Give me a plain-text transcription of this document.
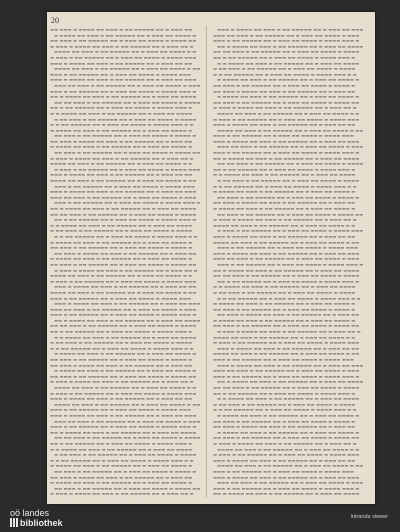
20
▬▬ ▬▬▬ ▬ ▬▬▬▬ ▬▬ ▬▬▬ ▬ ▬▬ ▬▬▬▬▬ ▬▬ ▬ ▬▬▬ ▬▬
▬ ▬▬▬▬ ▬▬ ▬▬▬ ▬ ▬▬ ▬▬▬▬▬ ▬▬ ▬ ▬▬▬ ▬▬ ▬▬▬▬ ▬
▬▬ ▬▬▬ ▬ ▬▬ ▬▬▬▬▬ ▬▬ ▬ ▬▬▬ ▬▬ ▬▬▬▬ ▬ ▬▬▬▬ ▬▬
▬ ▬▬▬ ▬ ▬▬▬▬ ▬▬ ▬▬▬ ▬ ▬▬ ▬▬▬▬▬ ▬▬ ▬ ▬▬▬ ▬▬ ▬
▬▬▬▬ ▬▬ ▬▬▬ ▬ ▬▬ ▬▬▬▬▬ ▬▬ ▬ ▬▬▬ ▬▬ ▬▬▬▬ ▬ ▬
▬ ▬▬▬ ▬ ▬▬ ▬▬▬▬▬ ▬▬ ▬ ▬▬▬ ▬▬ ▬▬▬▬ ▬ ▬▬▬▬ ▬▬▬
▬▬▬ ▬ ▬▬▬▬ ▬▬ ▬▬▬ ▬ ▬▬ ▬▬▬▬▬ ▬▬ ▬ ▬▬▬ ▬▬ ▬▬
▬▬▬▬ ▬▬ ▬▬▬ ▬ ▬▬ ▬▬▬▬▬ ▬▬ ▬ ▬▬▬ ▬▬ ▬▬▬▬ ▬ ▬▬
▬▬▬ ▬ ▬▬ ▬▬▬▬▬ ▬▬ ▬ ▬▬▬ ▬▬ ▬▬▬▬ ▬ ▬▬▬▬ ▬▬▬
▬▬▬ ▬ ▬▬▬▬ ▬▬ ▬▬▬ ▬ ▬▬ ▬▬▬▬▬ ▬▬ ▬ ▬▬▬ ▬▬ ▬▬▬
▬▬▬ ▬▬ ▬▬▬ ▬ ▬▬ ▬▬▬▬▬ ▬▬ ▬ ▬▬▬ ▬▬ ▬▬▬▬ ▬ ▬▬▬
▬▬▬ ▬ ▬▬ ▬▬▬▬▬ ▬▬ ▬ ▬▬▬ ▬▬ ▬▬▬▬ ▬ ▬▬▬▬ ▬▬▬ ▬
▬▬ ▬ ▬▬▬▬ ▬▬ ▬▬▬ ▬ ▬▬ ▬▬▬▬▬ ▬▬ ▬ ▬▬▬ ▬▬ ▬▬▬▬
▬▬ ▬▬ ▬▬▬ ▬ ▬▬ ▬▬▬▬▬ ▬▬ ▬ ▬▬▬ ▬▬ ▬▬▬▬ ▬ ▬▬▬▬
▬▬ ▬ ▬▬ ▬▬▬▬▬ ▬▬ ▬ ▬▬▬ ▬▬ ▬▬▬▬ ▬ ▬▬▬▬ ▬▬▬ ▬
▬ ▬ ▬▬▬▬ ▬▬ ▬▬▬ ▬ ▬▬ ▬▬▬▬▬ ▬▬ ▬ ▬▬▬ ▬▬ ▬▬▬▬
▬ ▬▬ ▬▬▬ ▬ ▬▬ ▬▬▬▬▬ ▬▬ ▬ ▬▬▬ ▬▬ ▬▬▬▬ ▬ ▬▬▬▬
▬ ▬ ▬▬ ▬▬▬▬▬ ▬▬ ▬ ▬▬▬ ▬▬ ▬▬▬▬ ▬ ▬▬▬▬ ▬▬▬ ▬ ▬
▬ ▬▬▬▬ ▬▬ ▬▬▬ ▬ ▬▬ ▬▬▬▬▬ ▬▬ ▬ ▬▬▬ ▬▬ ▬▬▬▬ ▬
▬▬ ▬▬▬ ▬ ▬▬ ▬▬▬▬▬ ▬▬ ▬ ▬▬▬ ▬▬ ▬▬▬▬ ▬ ▬▬▬▬ ▬
▬▬ ▬▬▬ ▬ ▬▬▬▬ ▬▬ ▬▬▬ ▬ ▬▬ ▬▬▬▬▬ ▬▬ ▬ ▬▬▬ ▬▬
▬ ▬▬▬▬ ▬▬ ▬▬▬ ▬ ▬▬ ▬▬▬▬▬ ▬▬ ▬ ▬▬▬ ▬▬ ▬▬▬▬ ▬
▬▬ ▬▬▬ ▬ ▬▬ ▬▬▬▬▬ ▬▬ ▬ ▬▬▬ ▬▬ ▬▬▬▬ ▬ ▬▬▬▬ ▬▬
▬ ▬▬▬ ▬ ▬▬▬▬ ▬▬ ▬▬▬ ▬ ▬▬ ▬▬▬▬▬ ▬▬ ▬ ▬▬▬ ▬▬ ▬
▬▬▬▬ ▬▬ ▬▬▬ ▬ ▬▬ ▬▬▬▬▬ ▬▬ ▬ ▬▬▬ ▬▬ ▬▬▬▬ ▬ ▬
▬ ▬▬▬ ▬ ▬▬ ▬▬▬▬▬ ▬▬ ▬ ▬▬▬ ▬▬ ▬▬▬▬ ▬ ▬▬▬▬ ▬▬▬
▬▬▬ ▬ ▬▬▬▬ ▬▬ ▬▬▬ ▬ ▬▬ ▬▬▬▬▬ ▬▬ ▬ ▬▬▬ ▬▬ ▬▬
▬▬▬▬ ▬▬ ▬▬▬ ▬ ▬▬ ▬▬▬▬▬ ▬▬ ▬ ▬▬▬ ▬▬ ▬▬▬▬ ▬ ▬▬
▬▬▬ ▬ ▬▬ ▬▬▬▬▬ ▬▬ ▬ ▬▬▬ ▬▬ ▬▬▬▬ ▬ ▬▬▬▬ ▬▬▬
▬▬▬ ▬ ▬▬▬▬ ▬▬ ▬▬▬ ▬ ▬▬ ▬▬▬▬▬ ▬▬ ▬ ▬▬▬ ▬▬ ▬▬▬
▬▬▬ ▬▬ ▬▬▬ ▬ ▬▬ ▬▬▬▬▬ ▬▬ ▬ ▬▬▬ ▬▬ ▬▬▬▬ ▬ ▬▬▬
▬▬▬ ▬ ▬▬ ▬▬▬▬▬ ▬▬ ▬ ▬▬▬ ▬▬ ▬▬▬▬ ▬ ▬▬▬▬ ▬▬▬ ▬
▬▬ ▬ ▬▬▬▬ ▬▬ ▬▬▬ ▬ ▬▬ ▬▬▬▬▬ ▬▬ ▬ ▬▬▬ ▬▬ ▬▬▬▬
▬▬ ▬▬ ▬▬▬ ▬ ▬▬ ▬▬▬▬▬ ▬▬ ▬ ▬▬▬ ▬▬ ▬▬▬▬ ▬ ▬▬▬▬
▬▬ ▬ ▬▬ ▬▬▬▬▬ ▬▬ ▬ ▬▬▬ ▬▬ ▬▬▬▬ ▬ ▬▬▬▬ ▬▬▬ ▬
▬ ▬ ▬▬▬▬ ▬▬ ▬▬▬ ▬ ▬▬ ▬▬▬▬▬ ▬▬ ▬ ▬▬▬ ▬▬ ▬▬▬▬
▬ ▬▬ ▬▬▬ ▬ ▬▬ ▬▬▬▬▬ ▬▬ ▬ ▬▬▬ ▬▬ ▬▬▬▬ ▬ ▬▬▬▬
▬ ▬ ▬▬ ▬▬▬▬▬ ▬▬ ▬ ▬▬▬ ▬▬ ▬▬▬▬ ▬ ▬▬▬▬ ▬▬▬ ▬ ▬
▬ ▬▬▬▬ ▬▬ ▬▬▬ ▬ ▬▬ ▬▬▬▬▬ ▬▬ ▬ ▬▬▬ ▬▬ ▬▬▬▬ ▬
▬▬ ▬▬▬ ▬ ▬▬ ▬▬▬▬▬ ▬▬ ▬ ▬▬▬ ▬▬ ▬▬▬▬ ▬ ▬▬▬▬ ▬
▬▬ ▬▬▬ ▬ ▬▬▬▬ ▬▬ ▬▬▬ ▬ ▬▬ ▬▬▬▬▬ ▬▬ ▬ ▬▬▬ ▬▬
▬ ▬▬▬▬ ▬▬ ▬▬▬ ▬ ▬▬ ▬▬▬▬▬ ▬▬ ▬ ▬▬▬ ▬▬ ▬▬▬▬ ▬
▬▬ ▬▬▬ ▬ ▬▬ ▬▬▬▬▬ ▬▬ ▬ ▬▬▬ ▬▬ ▬▬▬▬ ▬ ▬▬▬▬ ▬▬
▬ ▬▬▬ ▬ ▬▬▬▬ ▬▬ ▬▬▬ ▬ ▬▬ ▬▬▬▬▬ ▬▬ ▬ ▬▬▬ ▬▬ ▬
▬▬▬▬ ▬▬ ▬▬▬ ▬ ▬▬ ▬▬▬▬▬ ▬▬ ▬ ▬▬▬ ▬▬ ▬▬▬▬ ▬ ▬
▬ ▬▬▬ ▬ ▬▬ ▬▬▬▬▬ ▬▬ ▬ ▬▬▬ ▬▬ ▬▬▬▬ ▬ ▬▬▬▬ ▬▬▬
▬▬▬ ▬ ▬▬▬▬ ▬▬ ▬▬▬ ▬ ▬▬ ▬▬▬▬▬ ▬▬ ▬ ▬▬▬ ▬▬ ▬▬
▬▬▬▬ ▬▬ ▬▬▬ ▬ ▬▬ ▬▬▬▬▬ ▬▬ ▬ ▬▬▬ ▬▬ ▬▬▬▬ ▬ ▬▬
▬▬▬ ▬ ▬▬ ▬▬▬▬▬ ▬▬ ▬ ▬▬▬ ▬▬ ▬▬▬▬ ▬ ▬▬▬▬ ▬▬▬
▬▬▬ ▬ ▬▬▬▬ ▬▬ ▬▬▬ ▬ ▬▬ ▬▬▬▬▬ ▬▬ ▬ ▬▬▬ ▬▬ ▬▬▬
▬▬▬ ▬▬ ▬▬▬ ▬ ▬▬ ▬▬▬▬▬ ▬▬ ▬ ▬▬▬ ▬▬ ▬▬▬▬ ▬ ▬▬▬
▬▬▬ ▬ ▬▬ ▬▬▬▬▬ ▬▬ ▬ ▬▬▬ ▬▬ ▬▬▬▬ ▬ ▬▬▬▬ ▬▬▬ ▬
▬▬ ▬ ▬▬▬▬ ▬▬ ▬▬▬ ▬ ▬▬ ▬▬▬▬▬ ▬▬ ▬ ▬▬▬ ▬▬ ▬▬▬▬
▬▬ ▬▬ ▬▬▬ ▬ ▬▬ ▬▬▬▬▬ ▬▬ ▬ ▬▬▬ ▬▬ ▬▬▬▬ ▬ ▬▬▬▬
▬▬ ▬ ▬▬ ▬▬▬▬▬ ▬▬ ▬ ▬▬▬ ▬▬ ▬▬▬▬ ▬ ▬▬▬▬ ▬▬▬ ▬
▬ ▬ ▬▬▬▬ ▬▬ ▬▬▬ ▬ ▬▬ ▬▬▬▬▬ ▬▬ ▬ ▬▬▬ ▬▬ ▬▬▬▬
▬ ▬▬ ▬▬▬ ▬ ▬▬ ▬▬▬▬▬ ▬▬ ▬ ▬▬▬ ▬▬ ▬▬▬▬ ▬ ▬▬▬▬
▬ ▬ ▬▬ ▬▬▬▬▬ ▬▬ ▬ ▬▬▬ ▬▬ ▬▬▬▬ ▬ ▬▬▬▬ ▬▬▬ ▬ ▬
▬ ▬▬▬▬ ▬▬ ▬▬▬ ▬ ▬▬ ▬▬▬▬▬ ▬▬ ▬ ▬▬▬ ▬▬ ▬▬▬▬ ▬
▬▬ ▬▬▬ ▬ ▬▬ ▬▬▬▬▬ ▬▬ ▬ ▬▬▬ ▬▬ ▬▬▬▬ ▬ ▬▬▬▬ ▬
▬▬ ▬▬▬ ▬ ▬▬▬▬ ▬▬ ▬▬▬ ▬ ▬▬ ▬▬▬▬▬ ▬▬ ▬ ▬▬▬ ▬▬
▬ ▬▬▬▬ ▬▬ ▬▬▬ ▬ ▬▬ ▬▬▬▬▬ ▬▬ ▬ ▬▬▬ ▬▬ ▬▬▬▬ ▬
▬▬ ▬▬▬ ▬ ▬▬ ▬▬▬▬▬ ▬▬ ▬ ▬▬▬ ▬▬ ▬▬▬▬ ▬ ▬▬▬▬ ▬▬
▬ ▬▬▬ ▬ ▬▬▬▬ ▬▬ ▬▬▬ ▬ ▬▬ ▬▬▬▬▬ ▬▬ ▬ ▬▬▬ ▬▬ ▬
▬▬▬▬ ▬▬ ▬▬▬ ▬ ▬▬ ▬▬▬▬▬ ▬▬ ▬ ▬▬▬ ▬▬ ▬▬▬▬ ▬ ▬
▬ ▬▬▬ ▬ ▬▬ ▬▬▬▬▬ ▬▬ ▬ ▬▬▬ ▬▬ ▬▬▬▬ ▬ ▬▬▬▬ ▬▬▬
▬▬▬ ▬ ▬▬▬▬ ▬▬ ▬▬▬ ▬ ▬▬ ▬▬▬▬▬ ▬▬ ▬ ▬▬▬ ▬▬ ▬▬
▬▬▬▬ ▬▬ ▬▬▬ ▬ ▬▬ ▬▬▬▬▬ ▬▬ ▬ ▬▬▬ ▬▬ ▬▬▬▬ ▬ ▬▬
▬▬▬ ▬ ▬▬ ▬▬▬▬▬ ▬▬ ▬ ▬▬▬ ▬▬ ▬▬▬▬ ▬ ▬▬▬▬ ▬▬▬
▬▬▬ ▬ ▬▬▬▬ ▬▬ ▬▬▬ ▬ ▬▬ ▬▬▬▬▬ ▬▬ ▬ ▬▬▬ ▬▬ ▬▬▬
▬▬▬ ▬▬ ▬▬▬ ▬ ▬▬ ▬▬▬▬▬ ▬▬ ▬ ▬▬▬ ▬▬ ▬▬▬▬ ▬ ▬▬▬
▬▬▬ ▬ ▬▬ ▬▬▬▬▬ ▬▬ ▬ ▬▬▬ ▬▬ ▬▬▬▬ ▬ ▬▬▬▬ ▬▬▬ ▬
▬▬ ▬ ▬▬▬▬ ▬▬ ▬▬▬ ▬ ▬▬ ▬▬▬▬▬ ▬▬ ▬ ▬▬▬ ▬▬ ▬▬▬▬
▬▬ ▬▬ ▬▬▬ ▬ ▬▬ ▬▬▬▬▬ ▬▬ ▬ ▬▬▬ ▬▬ ▬▬▬▬ ▬ ▬▬▬▬
▬▬ ▬ ▬▬ ▬▬▬▬▬ ▬▬ ▬ ▬▬▬ ▬▬ ▬▬▬▬ ▬ ▬▬▬▬ ▬▬▬ ▬
▬ ▬ ▬▬▬▬ ▬▬ ▬▬▬ ▬ ▬▬ ▬▬▬▬▬ ▬▬ ▬ ▬▬▬ ▬▬ ▬▬▬▬
▬ ▬▬ ▬▬▬ ▬ ▬▬ ▬▬▬▬▬ ▬▬ ▬ ▬▬▬ ▬▬ ▬▬▬▬ ▬ ▬▬▬▬
▬ ▬ ▬▬ ▬▬▬▬▬ ▬▬ ▬ ▬▬▬ ▬▬ ▬▬▬▬ ▬ ▬▬▬▬ ▬▬▬ ▬ ▬
▬ ▬▬▬▬ ▬▬ ▬▬▬ ▬ ▬▬ ▬▬▬▬▬ ▬▬ ▬ ▬▬▬ ▬▬ ▬▬▬▬ ▬
▬▬ ▬▬▬ ▬ ▬▬ ▬▬▬▬▬ ▬▬ ▬ ▬▬▬ ▬▬ ▬▬▬▬ ▬ ▬▬▬▬ ▬
▬▬ ▬▬▬ ▬ ▬▬▬▬ ▬▬ ▬▬▬ ▬ ▬▬ ▬▬▬▬▬ ▬▬ ▬ ▬▬▬ ▬▬
▬ ▬▬▬▬ ▬▬ ▬▬▬ ▬ ▬▬ ▬▬▬▬▬ ▬▬ ▬ ▬▬▬ ▬▬ ▬▬▬▬ ▬
▬▬ ▬▬▬ ▬ ▬▬ ▬▬▬▬▬ ▬▬ ▬ ▬▬▬ ▬▬ ▬▬▬▬ ▬ ▬▬▬▬ ▬▬
▬ ▬▬▬ ▬ ▬▬▬▬ ▬▬ ▬▬▬ ▬ ▬▬ ▬▬▬▬▬ ▬▬ ▬ ▬▬▬ ▬▬ ▬
▬▬▬ ▬ ▬▬▬▬ ▬▬ ▬▬▬ ▬ ▬▬ ▬▬▬▬▬ ▬▬ ▬ ▬▬▬ ▬▬ ▬▬▬
▬▬▬ ▬▬ ▬▬▬ ▬ ▬▬ ▬▬▬▬▬ ▬▬ ▬ ▬▬▬ ▬▬ ▬▬▬▬ ▬ ▬▬▬
▬▬▬ ▬ ▬▬ ▬▬▬▬▬ ▬▬ ▬ ▬▬▬ ▬▬ ▬▬▬▬ ▬ ▬▬▬▬ ▬▬▬ ▬
▬▬ ▬ ▬▬▬▬ ▬▬ ▬▬▬ ▬ ▬▬ ▬▬▬▬▬ ▬▬ ▬ ▬▬▬ ▬▬ ▬▬▬▬
▬▬ ▬▬ ▬▬▬ ▬ ▬▬ ▬▬▬▬▬ ▬▬ ▬ ▬▬▬ ▬▬ ▬▬▬▬ ▬ ▬▬▬▬
▬▬ ▬ ▬▬ ▬▬▬▬▬ ▬▬ ▬ ▬▬▬ ▬▬ ▬▬▬▬ ▬ ▬▬▬▬ ▬▬▬ ▬
▬ ▬ ▬▬▬▬ ▬▬ ▬▬▬ ▬ ▬▬ ▬▬▬▬▬ ▬▬ ▬ ▬▬▬ ▬▬ ▬▬▬▬
▬ ▬▬ ▬▬▬ ▬ ▬▬ ▬▬▬▬▬ ▬▬ ▬ ▬▬▬ ▬▬ ▬▬▬▬ ▬ ▬▬▬▬
▬ ▬ ▬▬ ▬▬▬▬▬ ▬▬ ▬ ▬▬▬ ▬▬ ▬▬▬▬ ▬ ▬▬▬▬ ▬▬▬ ▬ ▬
▬ ▬▬▬▬ ▬▬ ▬▬▬ ▬ ▬▬ ▬▬▬▬▬ ▬▬ ▬ ▬▬▬ ▬▬ ▬▬▬▬ ▬
▬▬ ▬▬▬ ▬ ▬▬ ▬▬▬▬▬ ▬▬ ▬ ▬▬▬ ▬▬ ▬▬▬▬ ▬ ▬▬▬▬ ▬
▬▬ ▬▬▬ ▬ ▬▬▬▬ ▬▬ ▬▬▬ ▬ ▬▬ ▬▬▬▬▬ ▬▬ ▬ ▬▬▬ ▬▬
▬ ▬▬▬▬ ▬▬ ▬▬▬ ▬ ▬▬ ▬▬▬▬▬ ▬▬ ▬ ▬▬▬ ▬▬ ▬▬▬▬ ▬
▬▬ ▬▬▬ ▬ ▬▬ ▬▬▬▬▬ ▬▬ ▬ ▬▬▬ ▬▬ ▬▬▬▬ ▬ ▬▬▬▬ ▬▬
▬ ▬▬▬ ▬ ▬▬▬▬ ▬▬ ▬▬▬ ▬ ▬▬ ▬▬▬▬▬ ▬▬ ▬ ▬▬▬ ▬▬ ▬
▬▬▬▬ ▬▬ ▬▬▬ ▬ ▬▬ ▬▬▬▬▬ ▬▬ ▬ ▬▬▬ ▬▬ ▬▬▬▬ ▬ ▬
▬ ▬▬▬ ▬ ▬▬ ▬▬▬▬▬ ▬▬ ▬ ▬▬▬ ▬▬ ▬▬▬▬ ▬ ▬▬▬▬ ▬▬▬
▬▬▬ ▬ ▬▬▬▬ ▬▬ ▬▬▬ ▬ ▬▬ ▬▬▬▬▬ ▬▬ ▬ ▬▬▬ ▬▬ ▬▬
▬▬▬▬ ▬▬ ▬▬▬ ▬ ▬▬ ▬▬▬▬▬ ▬▬ ▬ ▬▬▬ ▬▬ ▬▬▬▬ ▬ ▬▬
▬▬▬ ▬ ▬▬ ▬▬▬▬▬ ▬▬ ▬ ▬▬▬ ▬▬ ▬▬▬▬ ▬ ▬▬▬▬ ▬▬▬
▬▬▬ ▬ ▬▬▬▬ ▬▬ ▬▬▬ ▬ ▬▬ ▬▬▬▬▬ ▬▬ ▬ ▬▬▬ ▬▬ ▬▬▬
▬▬▬ ▬▬ ▬▬▬ ▬ ▬▬ ▬▬▬▬▬ ▬▬ ▬ ▬▬▬ ▬▬ ▬▬▬▬ ▬ ▬▬▬
▬▬▬ ▬ ▬▬ ▬▬▬▬▬ ▬▬ ▬ ▬▬▬ ▬▬ ▬▬▬▬ ▬ ▬▬▬▬ ▬▬▬ ▬
▬▬ ▬ ▬▬▬▬ ▬▬ ▬▬▬ ▬ ▬▬ ▬▬▬▬▬ ▬▬ ▬ ▬▬▬ ▬▬ ▬▬▬▬
▬▬ ▬▬ ▬▬▬ ▬ ▬▬ ▬▬▬▬▬ ▬▬ ▬ ▬▬▬ ▬▬ ▬▬▬▬ ▬ ▬▬▬▬
▬▬ ▬ ▬▬ ▬▬▬▬▬ ▬▬ ▬ ▬▬▬ ▬▬ ▬▬▬▬ ▬ ▬▬▬▬ ▬▬▬ ▬
▬ ▬ ▬▬▬▬ ▬▬ ▬▬▬ ▬ ▬▬ ▬▬▬▬▬ ▬▬ ▬ ▬▬▬ ▬▬ ▬▬▬▬
▬ ▬▬ ▬▬▬ ▬ ▬▬ ▬▬▬▬▬ ▬▬ ▬ ▬▬▬ ▬▬ ▬▬▬▬ ▬ ▬▬▬▬
▬ ▬ ▬▬ ▬▬▬▬▬ ▬▬ ▬ ▬▬▬ ▬▬ ▬▬▬▬ ▬ ▬▬▬▬ ▬▬▬ ▬ ▬
▬ ▬▬▬▬ ▬▬ ▬▬▬ ▬ ▬▬ ▬▬▬▬▬ ▬▬ ▬ ▬▬▬ ▬▬ ▬▬▬▬ ▬
▬▬ ▬▬▬ ▬ ▬▬ ▬▬▬▬▬ ▬▬ ▬ ▬▬▬ ▬▬ ▬▬▬▬ ▬ ▬▬▬▬ ▬
▬▬ ▬▬▬ ▬ ▬▬▬▬ ▬▬ ▬▬▬ ▬ ▬▬ ▬▬▬▬▬ ▬▬ ▬ ▬▬▬ ▬▬
▬ ▬▬▬▬ ▬▬ ▬▬▬ ▬ ▬▬ ▬▬▬▬▬ ▬▬ ▬ ▬▬▬ ▬▬ ▬▬▬▬ ▬
▬▬ ▬▬▬ ▬ ▬▬ ▬▬▬▬▬ ▬▬ ▬ ▬▬▬ ▬▬ ▬▬▬▬ ▬ ▬▬▬▬ ▬▬
▬ ▬▬▬ ▬ ▬▬▬▬ ▬▬ ▬▬▬ ▬ ▬▬ ▬▬▬▬▬ ▬▬ ▬ ▬▬▬ ▬▬ ▬
▬▬▬▬ ▬▬ ▬▬▬ ▬ ▬▬ ▬▬▬▬▬ ▬▬ ▬ ▬▬▬ ▬▬ ▬▬▬▬ ▬ ▬
▬ ▬▬▬ ▬ ▬▬ ▬▬▬▬▬ ▬▬ ▬ ▬▬▬ ▬▬ ▬▬▬▬ ▬ ▬▬▬▬ ▬▬▬
▬▬▬ ▬ ▬▬▬▬ ▬▬ ▬▬▬ ▬ ▬▬ ▬▬▬▬▬ ▬▬ ▬ ▬▬▬ ▬▬ ▬▬
▬▬▬▬ ▬▬ ▬▬▬ ▬ ▬▬ ▬▬▬▬▬ ▬▬ ▬ ▬▬▬ ▬▬ ▬▬▬▬ ▬ ▬▬
▬▬▬ ▬ ▬▬ ▬▬▬▬▬ ▬▬ ▬ ▬▬▬ ▬▬ ▬▬▬▬ ▬ ▬▬▬▬ ▬▬▬
▬▬▬ ▬ ▬▬▬▬ ▬▬ ▬▬▬ ▬ ▬▬ ▬▬▬▬▬ ▬▬ ▬ ▬▬▬ ▬▬ ▬▬▬
▬▬▬ ▬▬ ▬▬▬ ▬ ▬▬ ▬▬▬▬▬ ▬▬ ▬ ▬▬▬ ▬▬ ▬▬▬▬ ▬ ▬▬▬
▬▬▬ ▬ ▬▬ ▬▬▬▬▬ ▬▬ ▬ ▬▬▬ ▬▬ ▬▬▬▬ ▬ ▬▬▬▬ ▬▬▬ ▬
▬▬ ▬ ▬▬▬▬ ▬▬ ▬▬▬ ▬ ▬▬ ▬▬▬▬▬ ▬▬ ▬ ▬▬▬ ▬▬ ▬▬▬▬
▬▬ ▬▬ ▬▬▬ ▬ ▬▬ ▬▬▬▬▬ ▬▬ ▬ ▬▬▬ ▬▬ ▬▬▬▬ ▬ ▬▬▬▬
▬▬ ▬ ▬▬ ▬▬▬▬▬ ▬▬ ▬ ▬▬▬ ▬▬ ▬▬▬▬ ▬ ▬▬▬▬ ▬▬▬ ▬
▬ ▬ ▬▬▬▬ ▬▬ ▬▬▬ ▬ ▬▬ ▬▬▬▬▬ ▬▬ ▬ ▬▬▬ ▬▬ ▬▬▬▬
▬ ▬▬ ▬▬▬ ▬ ▬▬ ▬▬▬▬▬ ▬▬ ▬ ▬▬▬ ▬▬ ▬▬▬▬ ▬ ▬▬▬▬
▬ ▬ ▬▬ ▬▬▬▬▬ ▬▬ ▬ ▬▬▬ ▬▬ ▬▬▬▬ ▬ ▬▬▬▬ ▬▬▬ ▬ ▬
▬ ▬▬▬▬ ▬▬ ▬▬▬ ▬ ▬▬ ▬▬▬▬▬ ▬▬ ▬ ▬▬▬ ▬▬ ▬▬▬▬ ▬
▬▬ ▬▬▬ ▬ ▬▬ ▬▬▬▬▬ ▬▬ ▬ ▬▬▬ ▬▬ ▬▬▬▬ ▬ ▬▬▬▬ ▬
▬▬ ▬▬▬ ▬ ▬▬▬▬ ▬▬ ▬▬▬ ▬ ▬▬ ▬▬▬▬▬ ▬▬ ▬ ▬▬▬ ▬▬
▬ ▬▬▬▬ ▬▬ ▬▬▬ ▬ ▬▬ ▬▬▬▬▬ ▬▬ ▬ ▬▬▬ ▬▬ ▬▬▬▬ ▬
▬▬ ▬▬▬ ▬ ▬▬ ▬▬▬▬▬ ▬▬ ▬ ▬▬▬ ▬▬ ▬▬▬▬ ▬ ▬▬▬▬ ▬▬
▬ ▬▬▬ ▬ ▬▬▬▬ ▬▬ ▬▬▬ ▬ ▬▬ ▬▬▬▬▬ ▬▬ ▬ ▬▬▬ ▬▬ ▬
▬▬▬▬ ▬▬ ▬▬▬ ▬ ▬▬ ▬▬▬▬▬ ▬▬ ▬ ▬▬▬ ▬▬ ▬▬▬▬ ▬ ▬
▬ ▬▬▬ ▬ ▬▬ ▬▬▬▬▬ ▬▬ ▬ ▬▬▬ ▬▬ ▬▬▬▬ ▬ ▬▬▬▬ ▬▬▬
▬▬▬ ▬ ▬▬▬▬ ▬▬ ▬▬▬ ▬ ▬▬ ▬▬▬▬▬ ▬▬ ▬ ▬▬▬ ▬▬ ▬▬
▬▬▬▬ ▬▬ ▬▬▬ ▬ ▬▬ ▬▬▬▬▬ ▬▬ ▬ ▬▬▬ ▬▬ ▬▬▬▬ ▬ ▬▬
▬▬▬ ▬ ▬▬ ▬▬▬▬▬ ▬▬ ▬ ▬▬▬ ▬▬ ▬▬▬▬ ▬ ▬▬▬▬ ▬▬▬
▬▬▬ ▬ ▬▬▬▬ ▬▬ ▬▬▬ ▬ ▬▬ ▬▬▬▬▬ ▬▬ ▬ ▬▬▬ ▬▬ ▬▬▬
▬▬▬ ▬▬ ▬▬▬ ▬ ▬▬ ▬▬▬▬▬ ▬▬ ▬ ▬▬▬ ▬▬ ▬▬▬▬ ▬ ▬▬▬
▬▬▬ ▬ ▬▬ ▬▬▬▬▬ ▬▬ ▬ ▬▬▬ ▬▬ ▬▬▬▬ ▬ ▬▬▬▬ ▬▬▬ ▬
▬▬ ▬ ▬▬▬▬ ▬▬ ▬▬▬ ▬ ▬▬ ▬▬▬▬▬ ▬▬ ▬ ▬▬▬ ▬▬ ▬▬▬▬
▬▬ ▬▬ ▬▬▬ ▬ ▬▬ ▬▬▬▬▬ ▬▬ ▬ ▬▬▬ ▬▬ ▬▬▬▬ ▬ ▬▬▬▬
▬▬ ▬ ▬▬ ▬▬▬▬▬ ▬▬ ▬ ▬▬▬ ▬▬ ▬▬▬▬ ▬ ▬▬▬▬ ▬▬▬ ▬
▬ ▬ ▬▬▬▬ ▬▬ ▬▬▬ ▬ ▬▬ ▬▬▬▬▬ ▬▬ ▬ ▬▬▬ ▬▬ ▬▬▬▬
▬ ▬▬ ▬▬▬ ▬ ▬▬ ▬▬▬▬▬ ▬▬ ▬ ▬▬▬ ▬▬ ▬▬▬▬ ▬ ▬▬▬▬
▬ ▬ ▬▬ ▬▬▬▬▬ ▬▬ ▬ ▬▬▬ ▬▬ ▬▬▬▬ ▬ ▬▬▬▬ ▬▬▬ ▬ ▬
▬ ▬▬▬▬ ▬▬ ▬▬▬ ▬ ▬▬ ▬▬▬▬▬ ▬▬ ▬ ▬▬▬ ▬▬ ▬▬▬▬ ▬
▬▬ ▬▬▬ ▬ ▬▬ ▬▬▬▬▬ ▬▬ ▬ ▬▬▬ ▬▬ ▬▬▬▬ ▬ ▬▬▬▬ ▬
▬▬ ▬▬▬ ▬ ▬▬▬▬ ▬▬ ▬▬▬ ▬ ▬▬ ▬▬▬▬▬ ▬▬ ▬ ▬▬▬ ▬▬
▬ ▬▬▬▬ ▬▬ ▬▬▬ ▬ ▬▬ ▬▬▬▬▬ ▬▬ ▬ ▬▬▬ ▬▬ ▬▬▬▬ ▬
▬▬ ▬▬▬ ▬ ▬▬ ▬▬▬▬▬ ▬▬ ▬ ▬▬▬ ▬▬ ▬▬▬▬ ▬ ▬▬▬▬ ▬▬
▬ ▬▬▬ ▬ ▬▬▬▬ ▬▬ ▬▬▬ ▬ ▬▬ ▬▬▬▬▬ ▬▬ ▬ ▬▬▬ ▬▬ ▬
▬▬▬▬ ▬▬ ▬▬▬ ▬ ▬▬ ▬▬▬▬▬ ▬▬ ▬ ▬▬▬ ▬▬ ▬▬▬▬ ▬ ▬
▬ ▬▬▬ ▬ ▬▬ ▬▬▬▬▬ ▬▬ ▬ ▬▬▬ ▬▬ ▬▬▬▬ ▬ ▬▬▬▬ ▬▬▬
▬▬▬ ▬ ▬▬▬▬ ▬▬ ▬▬▬ ▬ ▬▬ ▬▬▬▬▬ ▬▬ ▬ ▬▬▬ ▬▬ ▬▬
▬▬▬▬ ▬▬ ▬▬▬ ▬ ▬▬ ▬▬▬▬▬ ▬▬ ▬ ▬▬▬ ▬▬ ▬▬▬▬ ▬ ▬▬
▬▬▬ ▬ ▬▬ ▬▬▬▬▬ ▬▬ ▬ ▬▬▬ ▬▬ ▬▬▬▬ ▬ ▬▬▬▬ ▬▬▬
▬▬▬ ▬ ▬▬▬▬ ▬▬ ▬▬▬ ▬ ▬▬ ▬▬▬▬▬ ▬▬ ▬ ▬▬▬ ▬▬ ▬▬▬
▬▬▬ ▬▬ ▬▬▬ ▬ ▬▬ ▬▬▬▬▬ ▬▬ ▬ ▬▬▬ ▬▬ ▬▬▬▬ ▬ ▬▬▬
▬▬▬ ▬ ▬▬ ▬▬▬▬▬ ▬▬ ▬ ▬▬▬ ▬▬ ▬▬▬▬ ▬ ▬▬▬▬ ▬▬▬ ▬
▬▬ ▬ ▬▬▬▬ ▬▬ ▬▬▬ ▬ ▬▬ ▬▬▬▬▬ ▬▬ ▬ ▬▬▬ ▬▬ ▬▬▬▬
oö landes
bibliothek
intranda viewer
